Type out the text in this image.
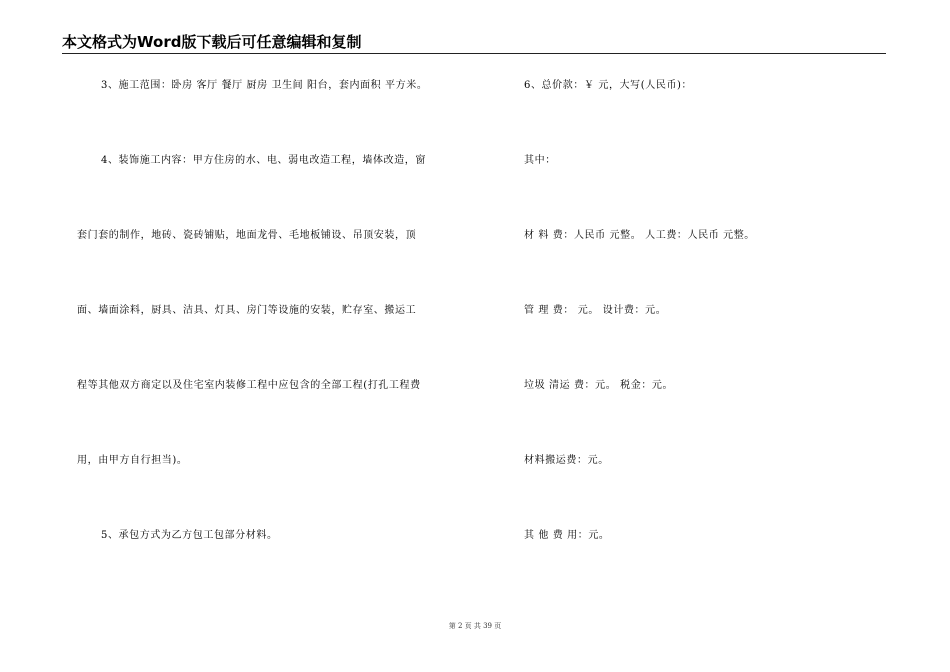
本文格式为Word版下载后可任意编辑和复制
3、施工范围：卧房 客厅 餐厅 厨房 卫生间 阳台，套内面积 平方米。
4、装饰施工内容：甲方住房的水、电、弱电改造工程，墙体改造，窗
套门套的制作，地砖、瓷砖铺贴，地面龙骨、毛地板铺设、吊顶安装，顶
面、墙面涂料，厨具、洁具、灯具、房门等设施的安装，贮存室、搬运工
程等其他双方商定以及住宅室内装修工程中应包含的全部工程(打孔工程费
用，由甲方自行担当)。
5、承包方式为乙方包工包部分材料。
6、总价款：￥ 元，大写(人民币)：
其中：
材 料 费：人民币 元整。 人工费：人民币 元整。
管 理 费： 元。 设计费：元。
垃圾 清运 费：元。 税金：元。
材料搬运费：元。
其 他 费 用：元。
第 2 页 共 39 页
